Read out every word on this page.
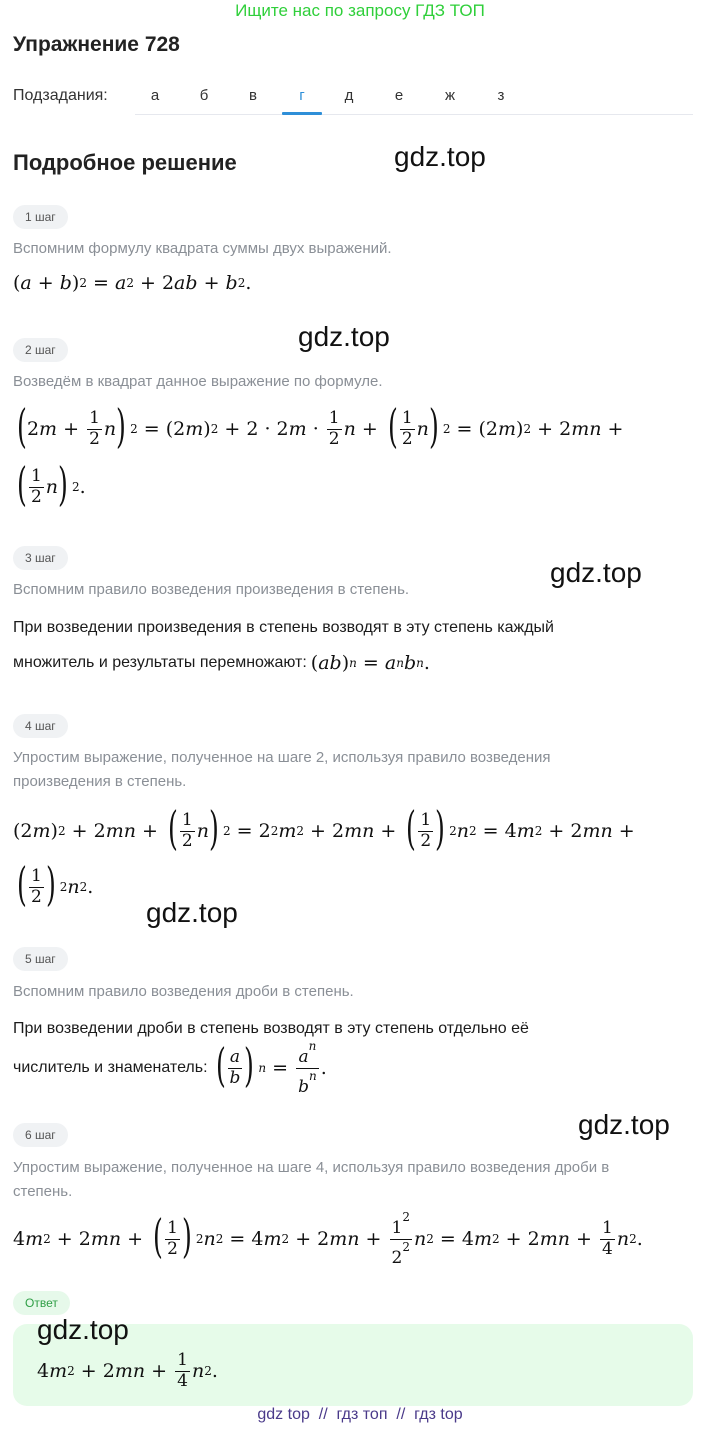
Ищите нас по запросу ГДЗ ТОП
Упражнение 728
Подзадания:	а	б	в	г	д	е	ж	з
Подробное решение	gdz.top
gdz.top
gdz.top
gdz.top
gdz.top
1 шаг
Вспомним формулу квадрата суммы двух выражений.
( a + b ) 2 = a 2 + 2 ab + b 2 .
2 шаг
Возведём в квадрат данное выражение по формуле.
( 2 $m + \frac{1}{2}$ n ) 2 = (2 m ) 2 + 2 · 2 $m \cdot \frac{1}{2}$ n + ( $\frac{1}{2}$ n ) 2 = (2 m ) 2 + 2 mn +
( $\frac{1}{2}$ n ) 2 .
3 шаг
Вспомним правило возведения произведения в степень.
При возведении произведения в степень возводят в эту степень каждый
множитель и результаты перемножают: ( ab ) n = a n b n .
4 шаг
Упростим выражение, полученное на шаге 2, используя правило возведения
произведения в степень.
(2 m ) 2 + 2 mn + ( $\frac{1}{2}$ n ) 2 = 2 2 m 2 + 2 mn + ( $\frac{1}{2}$ ) 2 n 2 = 4 m 2 + 2 mn +
( $\frac{1}{2}$ ) 2 n 2 .
5 шаг
Вспомним правило возведения дроби в степень.
При возведении дроби в степень возводят в эту степень отдельно её
числитель и знаменатель: ( $\frac{a}{b}$ ) $n = \frac{a^n}{b^n}$ .
6 шаг
Упростим выражение, полученное на шаге 4, используя правило возведения дроби в
степень.
4 m 2 + 2 mn + ( $\frac{1}{2}$ ) 2 n 2 = 4 m 2 + 2 mn + $\frac{1^2}{2^2}$ n 2 = 4 m 2 + 2 mn + $\frac{1}{4}$ n 2 .
Ответ
gdz.top
4 m 2 + 2 mn + $\frac{1}{4}$ n 2 .
gdz top  //  гдз топ  //  гдз top
